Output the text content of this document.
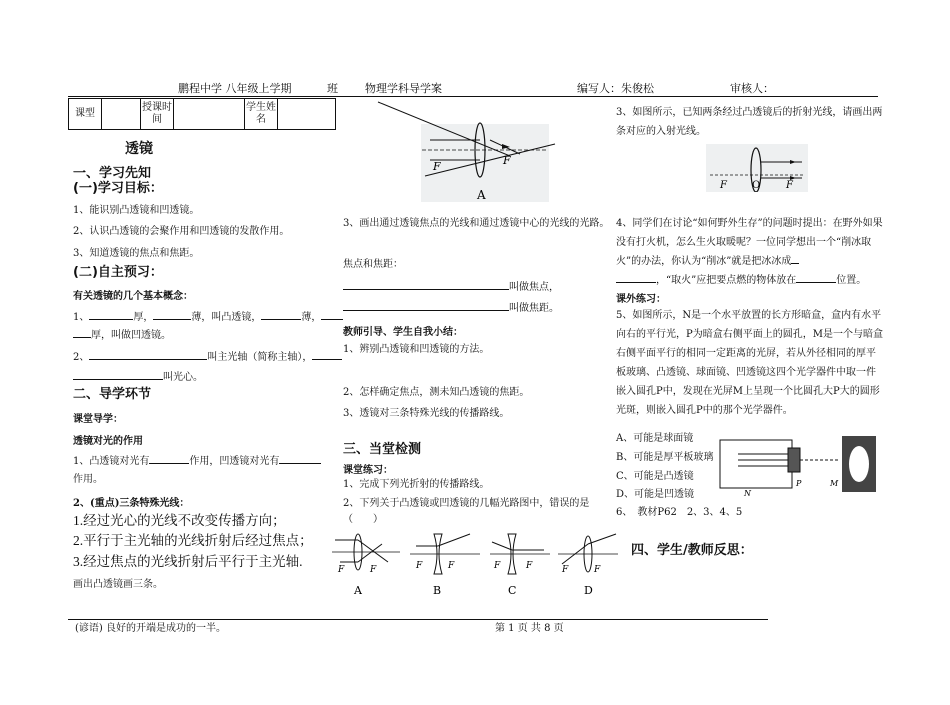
鹏程中学 八年级上学期	班 物理学科导学案	编写人：朱俊松	审核人：
课型		授课时间		学生姓名	
透镜
一、学习先知
(一)学习目标：
1、能识别凸透镜和凹透镜。
2、认识凸透镜的会聚作用和凹透镜的发散作用。
3、知道透镜的焦点和焦距。
(二)自主预习：
有关透镜的几个基本概念：
1、	厚，	薄，叫凸透镜，	薄，
厚，叫做凹透镜。
2、	叫主光轴（简称主轴），
叫光心。
二、导学环节
课堂导学：
透镜对光的作用
1、凸透镜对光有	作用，凹透镜对光有
作用。
2、(重点)三条特殊光线：
1.经过光心的光线不改变传播方向；
2.平行于主光轴的光线折射后经过焦点；
3.经过焦点的光线折射后平行于主光轴.
画出凸透镜画三条。
F	F
A
3、画出通过透镜焦点的光线和通过透镜中心的光线的光路。
焦点和焦距：
叫做焦点，
叫做焦距。
教师引导、学生自我小结：
1、辨别凸透镜和凹透镜的方法。
2、怎样确定焦点，测未知凸透镜的焦距。
3、透镜对三条特殊光线的传播路线。
三、当堂检测
课堂练习：
1、完成下列光折射的传播路线。
2、下列关于凸透镜或凹透镜的几幅光路图中，错误的是（　　）
F	F
A
F	F
B
F	F
C
F	F
D
3、如图所示，已知两条经过凸透镜后的折射光线，请画出两条对应的入射光线。
F	O	F
4、同学们在讨论“如何野外生存”的问题时提出：在野外如果没有打火机，怎么生火取暖呢？一位同学想出一个“削冰取火”的办法，你认为“削冰”就是把冰冰成
，“取火”应把要点燃的物体放在	位置。
课外练习：
5、如图所示，N是一个水平放置的长方形暗盒，盒内有水平向右的平行光，P为暗盒右侧平面上的圆孔，M是一个与暗盒右侧平面平行的相同一定距离的光屏，若从外径相同的厚平板玻璃、凸透镜、球面镜、凹透镜这四个光学器件中取一件嵌入圆孔P中，发现在光屏M上呈现一个比圆孔大P大的圆形光斑，则嵌入圆孔P中的那个光学器件。
A、可能是球面镜
B、可能是厚平板玻璃
C、可能是凸透镜
D、可能是凹透镜
6、　教材P62　2、3、4、5
N
P	M
四、学生/教师反思：
(谚语) 良好的开端是成功的一半。	第 1 页 共 8 页
